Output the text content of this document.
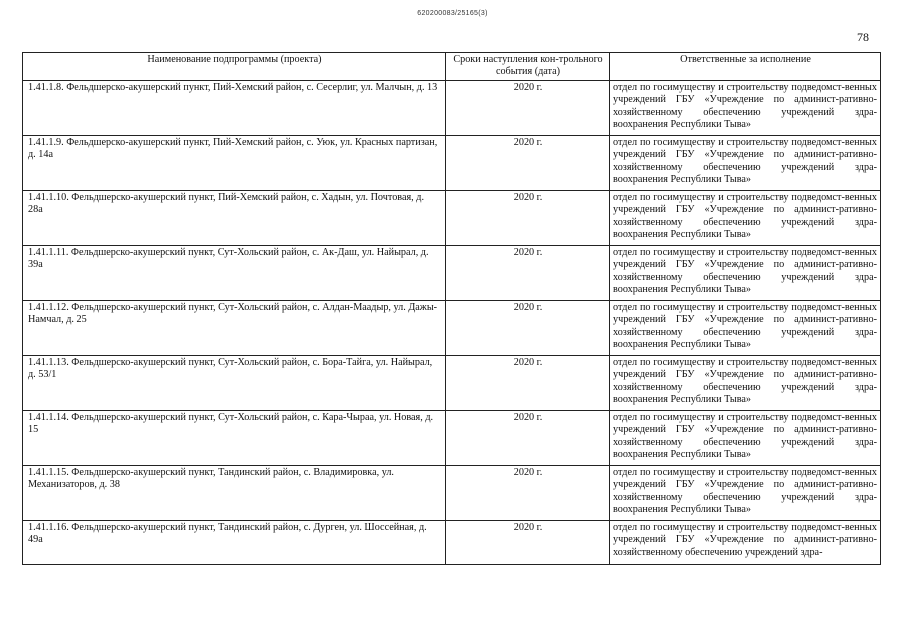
620200083/25165(3)
78
Наименование подпрограммы (проекта)	Сроки наступления кон-трольного события (дата)	Ответственные за исполнение
1.41.1.8. Фельдшерско-акушерский пункт, Пий-Хемский район, с. Сесерлиг, ул. Малчын, д. 13	2020 г.	отдел по госимуществу и строительству подведомст-венных учреждений ГБУ «Учреждение по админист-ративно-хозяйственному обеспечению учреждений здра-воохранения Республики Тыва»
1.41.1.9. Фельдшерско-акушерский пункт, Пий-Хемский район, с. Уюк, ул. Красных партизан, д. 14а	2020 г.	отдел по госимуществу и строительству подведомст-венных учреждений ГБУ «Учреждение по админист-ративно-хозяйственному обеспечению учреждений здра-воохранения Республики Тыва»
1.41.1.10. Фельдшерско-акушерский пункт, Пий-Хемский район, с. Хадын, ул. Почтовая, д. 28а	2020 г.	отдел по госимуществу и строительству подведомст-венных учреждений ГБУ «Учреждение по админист-ративно-хозяйственному обеспечению учреждений здра-воохранения Республики Тыва»
1.41.1.11. Фельдшерско-акушерский пункт, Сут-Хольский район, с. Ак-Даш, ул. Найырал, д. 39а	2020 г.	отдел по госимуществу и строительству подведомст-венных учреждений ГБУ «Учреждение по админист-ративно-хозяйственному обеспечению учреждений здра-воохранения Республики Тыва»
1.41.1.12. Фельдшерско-акушерский пункт, Сут-Хольский район, с. Алдан-Маадыр, ул. Дажы-Намчал, д. 25	2020 г.	отдел по госимуществу и строительству подведомст-венных учреждений ГБУ «Учреждение по админист-ративно-хозяйственному обеспечению учреждений здра-воохранения Республики Тыва»
1.41.1.13. Фельдшерско-акушерский пункт, Сут-Хольский район, с. Бора-Тайга, ул. Найырал, д. 53/1	2020 г.	отдел по госимуществу и строительству подведомст-венных учреждений ГБУ «Учреждение по админист-ративно-хозяйственному обеспечению учреждений здра-воохранения Республики Тыва»
1.41.1.14. Фельдшерско-акушерский пункт, Сут-Хольский район, с. Кара-Чыраа, ул. Новая, д. 15	2020 г.	отдел по госимуществу и строительству подведомст-венных учреждений ГБУ «Учреждение по админист-ративно-хозяйственному обеспечению учреждений здра-воохранения Республики Тыва»
1.41.1.15. Фельдшерско-акушерский пункт, Тандинский район, с. Владимировка, ул. Механизаторов, д. 38	2020 г.	отдел по госимуществу и строительству подведомст-венных учреждений ГБУ «Учреждение по админист-ративно-хозяйственному обеспечению учреждений здра-воохранения Республики Тыва»
1.41.1.16. Фельдшерско-акушерский пункт, Тандинский район, с. Дурген, ул. Шоссейная, д. 49а	2020 г.	отдел по госимуществу и строительству подведомст-венных учреждений ГБУ «Учреждение по админист-ративно-хозяйственному обеспечению учреждений здра-
